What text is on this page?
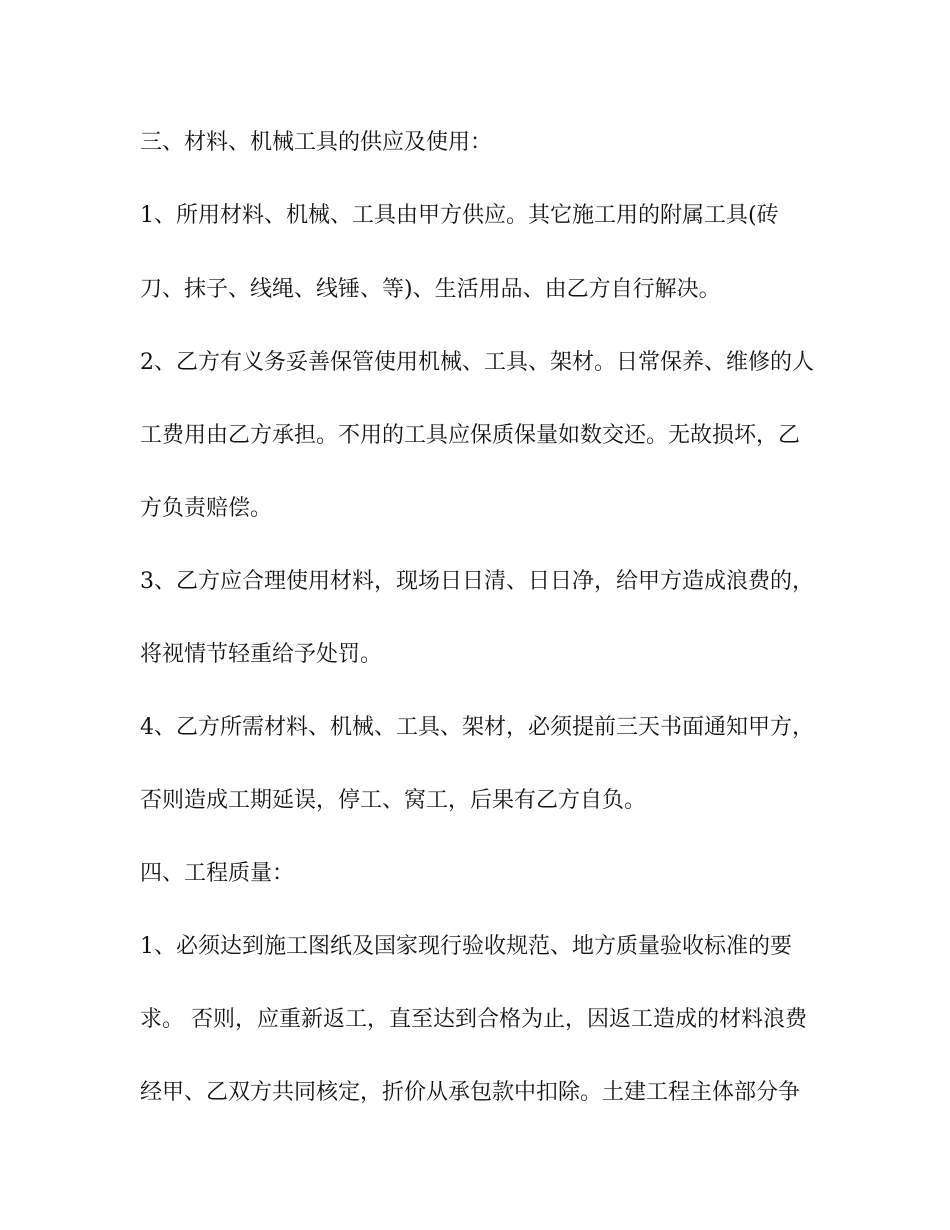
三、材料、机械工具的供应及使用：
1、所用材料、机械、工具由甲方供应。其它施工用的附属工具(砖
刀、抹子、线绳、线锤、等)、生活用品、由乙方自行解决。
2、乙方有义务妥善保管使用机械、工具、架材。日常保养、维修的人
工费用由乙方承担。不用的工具应保质保量如数交还。无故损坏，乙
方负责赔偿。
3、乙方应合理使用材料，现场日日清、日日净，给甲方造成浪费的，
将视情节轻重给予处罚。
4、乙方所需材料、机械、工具、架材，必须提前三天书面通知甲方，
否则造成工期延误，停工、窝工，后果有乙方自负。
四、工程质量：
1、必须达到施工图纸及国家现行验收规范、地方质量验收标准的要
求。 否则，应重新返工，直至达到合格为止，因返工造成的材料浪费
经甲、乙双方共同核定，折价从承包款中扣除。土建工程主体部分争
